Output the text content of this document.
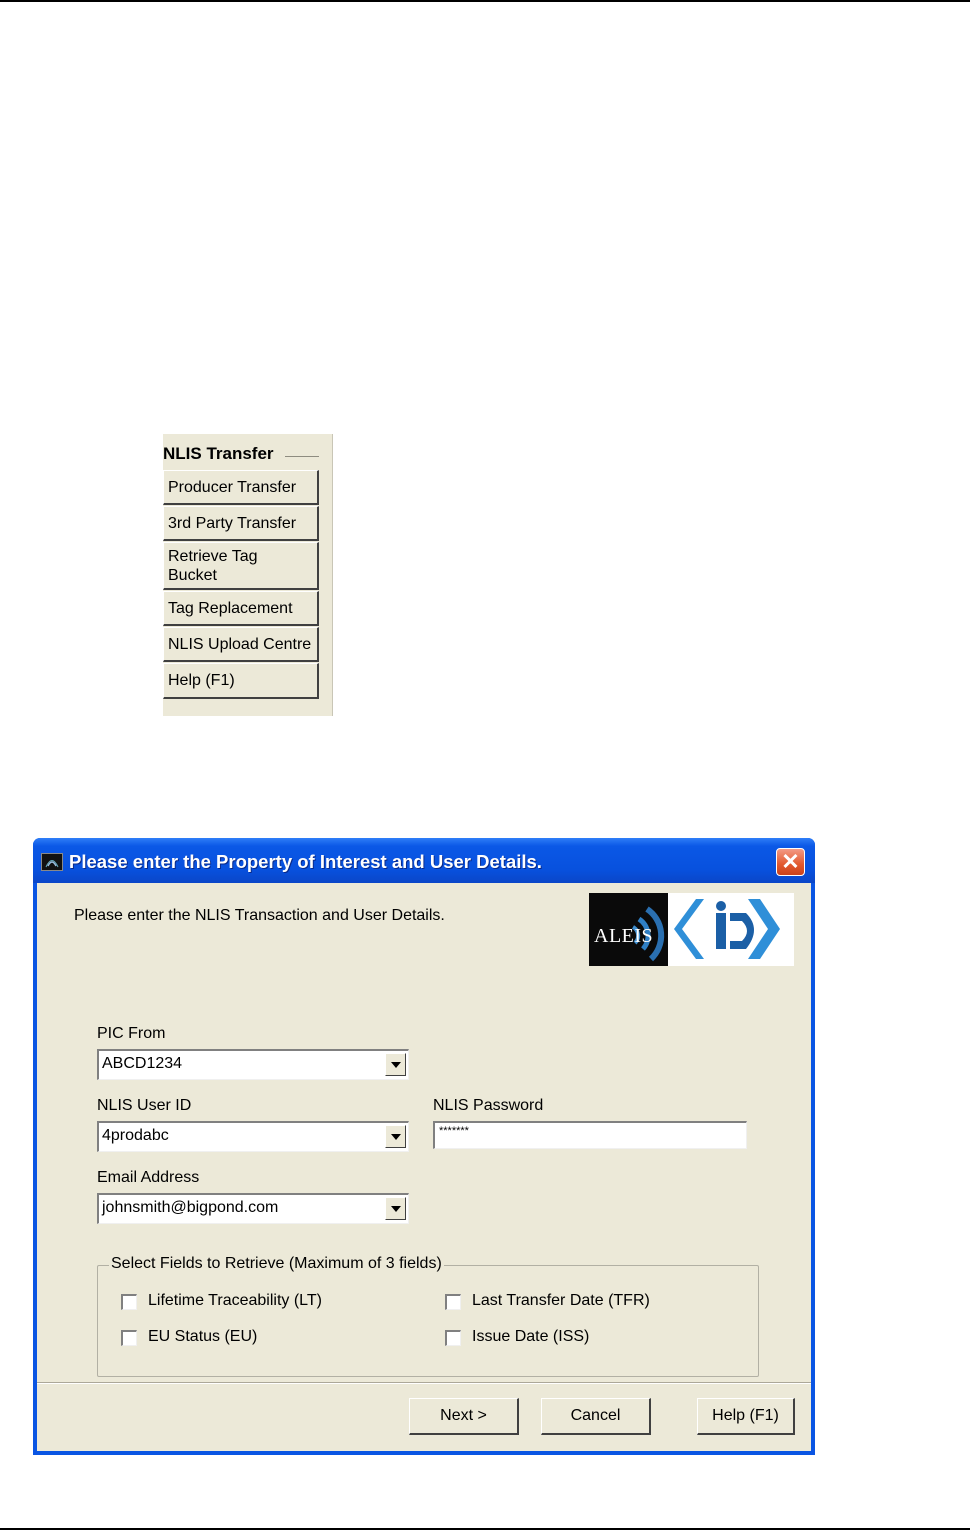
NLIS Transfer
Producer Transfer
3rd Party Transfer
Retrieve Tag Bucket
Tag Replacement
NLIS Upload Centre
Help (F1)
Please enter the Property of Interest and User Details.	✕
Please enter the NLIS Transaction and User Details.
ALEIS
PIC From
ABCD1234
NLIS User ID
4prodabc
NLIS Password
*******
Email Address
johnsmith@bigpond.com
Select Fields to Retrieve (Maximum of 3 fields)
Lifetime Traceability (LT)	Last Transfer Date (TFR)
EU Status (EU)	Issue Date (ISS)
Next >	Cancel	Help (F1)
